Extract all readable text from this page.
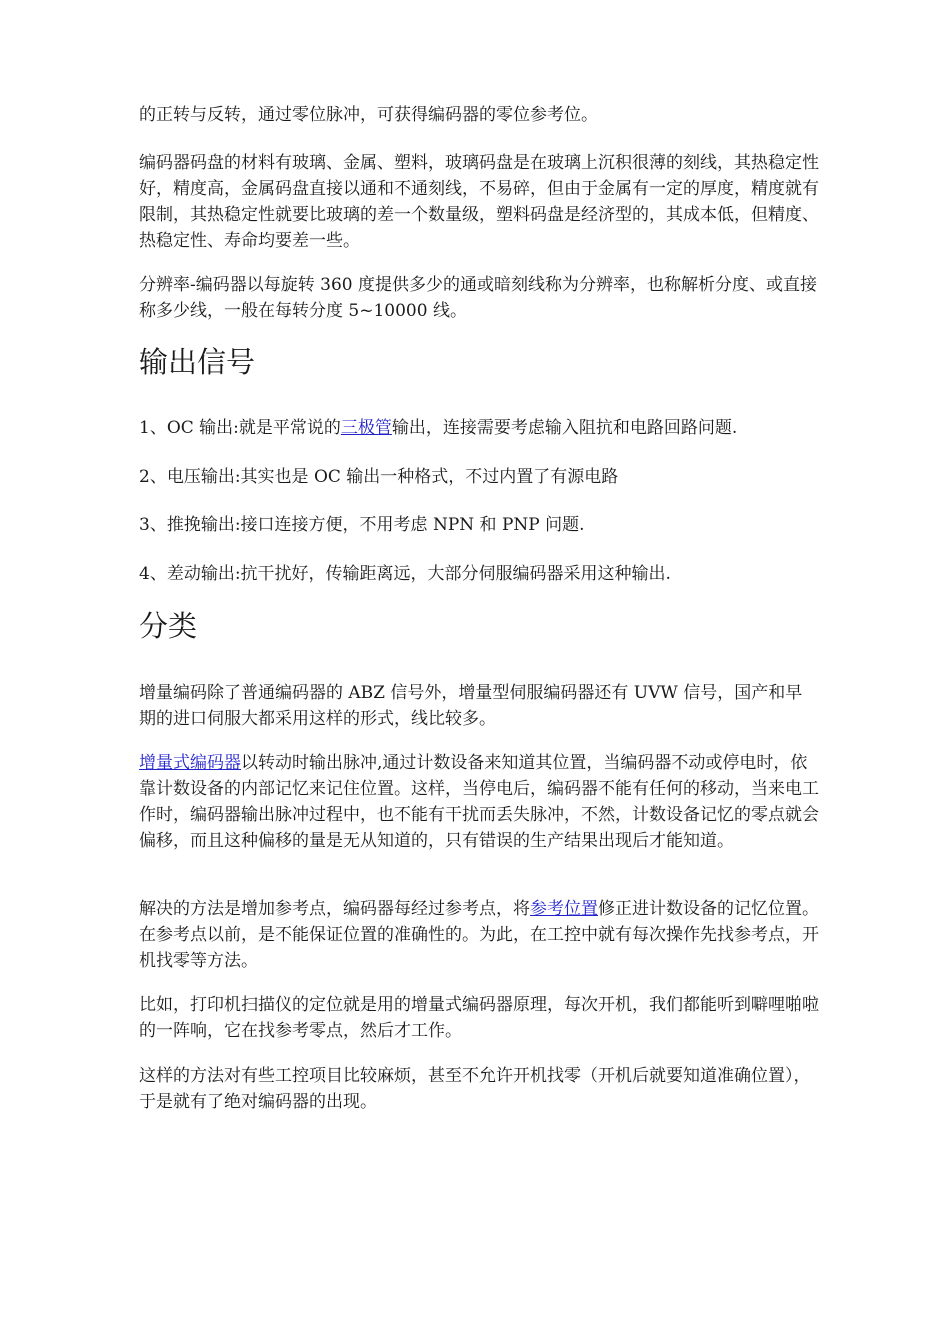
的正转与反转，通过零位脉冲，可获得编码器的零位参考位。

编码器码盘的材料有玻璃、金属、塑料，玻璃码盘是在玻璃上沉积很薄的刻线，其热稳定性好，精度高，金属码盘直接以通和不通刻线，不易碎，但由于金属有一定的厚度，精度就有限制，其热稳定性就要比玻璃的差一个数量级，塑料码盘是经济型的，其成本低，但精度、热稳定性、寿命均要差一些。

分辨率-编码器以每旋转 360 度提供多少的通或暗刻线称为分辨率，也称解析分度、或直接称多少线，一般在每转分度 5~10000 线。

输出信号

1、OC 输出:就是平常说的三极管输出，连接需要考虑输入阻抗和电路回路问题.

2、电压输出:其实也是 OC 输出一种格式，不过内置了有源电路

3、推挽输出:接口连接方便，不用考虑 NPN 和 PNP 问题.

4、差动输出:抗干扰好，传输距离远，大部分伺服编码器采用这种输出.

分类

增量编码除了普通编码器的 ABZ 信号外，增量型伺服编码器还有 UVW 信号，国产和早期的进口伺服大都采用这样的形式，线比较多。

增量式编码器以转动时输出脉冲,通过计数设备来知道其位置，当编码器不动或停电时，依靠计数设备的内部记忆来记住位置。这样，当停电后，编码器不能有任何的移动，当来电工作时，编码器输出脉冲过程中，也不能有干扰而丢失脉冲，不然，计数设备记忆的零点就会偏移，而且这种偏移的量是无从知道的，只有错误的生产结果出现后才能知道。

解决的方法是增加参考点，编码器每经过参考点，将参考位置修正进计数设备的记忆位置。在参考点以前，是不能保证位置的准确性的。为此，在工控中就有每次操作先找参考点，开机找零等方法。

比如，打印机扫描仪的定位就是用的增量式编码器原理，每次开机，我们都能听到噼哩啪啦的一阵响，它在找参考零点，然后才工作。

这样的方法对有些工控项目比较麻烦，甚至不允许开机找零（开机后就要知道准确位置），于是就有了绝对编码器的出现。
